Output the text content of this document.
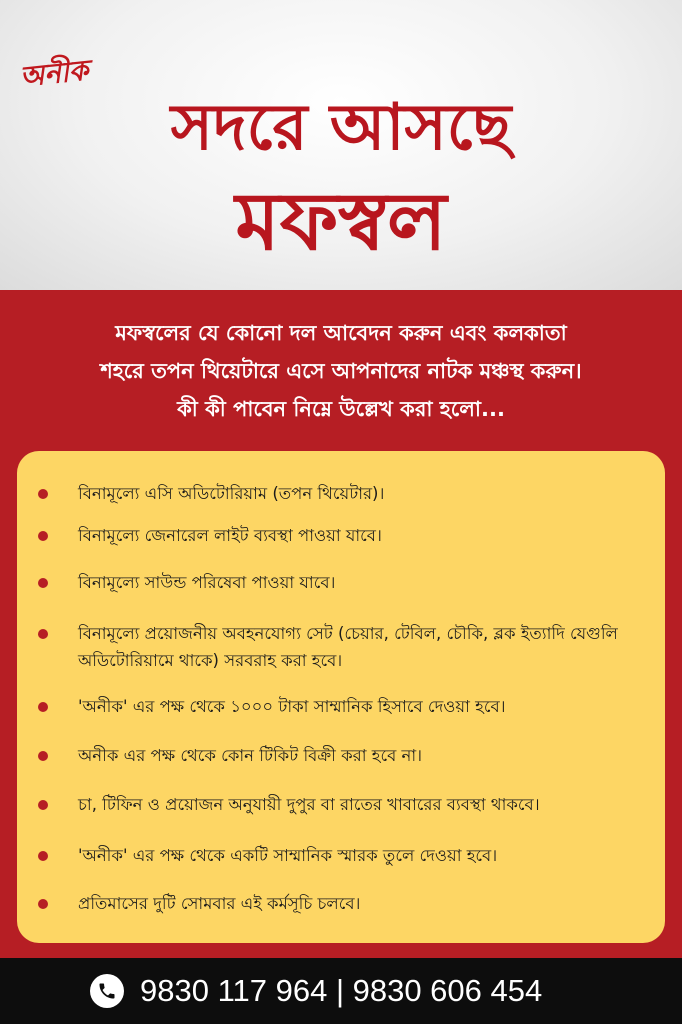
অনীক
সদরে আসছে
মফস্বল
মফস্বলের যে কোনো দল আবেদন করুন এবং কলকাতা
শহরে তপন থিয়েটারে এসে আপনাদের নাটক মঞ্চস্থ করুন।
কী কী পাবেন নিম্নে উল্লেখ করা হলো...
বিনামূল্যে এসি অডিটোরিয়াম (তপন থিয়েটার)।
বিনামূল্যে জেনারেল লাইট ব্যবস্থা পাওয়া যাবে।
বিনামূল্যে সাউন্ড পরিষেবা পাওয়া যাবে।
বিনামূল্যে প্রয়োজনীয় অবহনযোগ্য সেট (চেয়ার, টেবিল, চৌকি, ব্লক ইত্যাদি যেগুলি অডিটোরিয়ামে থাকে) সরবরাহ করা হবে।
'অনীক' এর পক্ষ থেকে ১০০০ টাকা সাম্মানিক হিসাবে দেওয়া হবে।
অনীক এর পক্ষ থেকে কোন টিকিট বিক্রী করা হবে না।
চা, টিফিন ও প্রয়োজন অনুযায়ী দুপুর বা রাতের খাবারের ব্যবস্থা থাকবে।
'অনীক' এর পক্ষ থেকে একটি সাম্মানিক স্মারক তুলে দেওয়া হবে।
প্রতিমাসের দুটি সোমবার এই কর্মসূচি চলবে।
9830 117 964 | 9830 606 454
